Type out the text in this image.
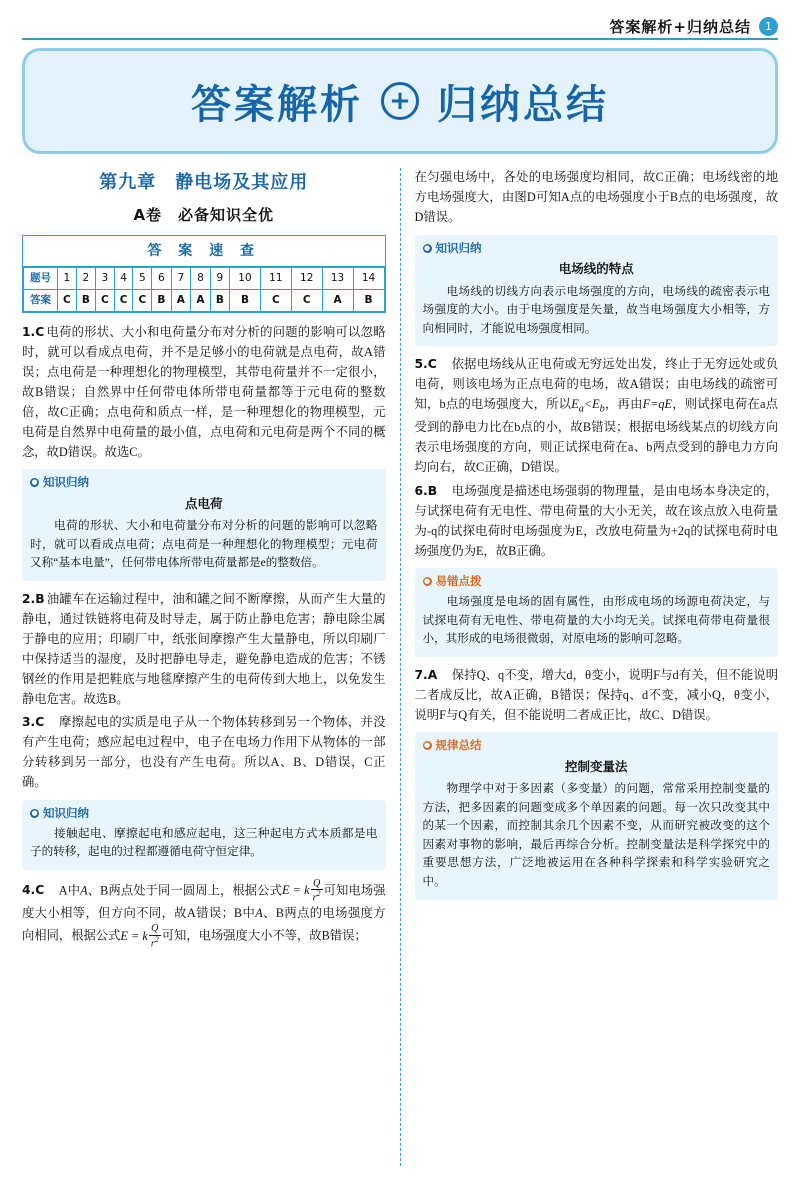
答案解析+归纳总结	1
答案解析	+ 归纳总结
第九章　静电场及其应用
A卷　必备知识全优
答 案 速 查
题号	1	2	3	4	5	6	7	8	9	10	11	12	13	14
答案	C	B	C	C	C	B	A	A	B	B	C	C	A	B

1.C 电荷的形状、大小和电荷量分布对分析的问题的影响可以忽略时，就可以看成点电荷，并不是足够小的电荷就是点电荷，故A错误；点电荷是一种理想化的物理模型，其带电荷量并不一定很小，故B错误；自然界中任何带电体所带电荷量都等于元电荷的整数倍，故C正确；点电荷和质点一样，是一种理想化的物理模型，元电荷是自然界中电荷量的最小值，点电荷和元电荷是两个不同的概念，故D错误。故选C。

● 知识归纳
点电荷
电荷的形状、大小和电荷量分布对分析的问题的影响可以忽略时，就可以看成点电荷；点电荷是一种理想化的物理模型；元电荷又称“基本电量”，任何带电体所带电荷量都是e的整数倍。

2.B 油罐车在运输过程中，油和罐之间不断摩擦，从而产生大量的静电，通过铁链将电荷及时导走，属于防止静电危害；静电除尘属于静电的应用；印刷厂中，纸张间摩擦产生大量静电，所以印刷厂中保持适当的湿度，及时把静电导走，避免静电造成的危害；不锈钢丝的作用是把鞋底与地毯摩擦产生的电荷传到大地上，以免发生静电危害。故选B。

3.C　 摩擦起电的实质是电子从一个物体转移到另一个物体，并没有产生电荷；感应起电过程中，电子在电场力作用下从物体的一部分转移到另一部分，也没有产生电荷。所以A、B、D错误，C正确。

● 知识归纳
接触起电、摩擦起电和感应起电，这三种起电方式本质都是电子的转移，起电的过程都遵循电荷守恒定律。

4.C　 A中A、B两点处于同一圆周上，根据公式E = k $\frac{Q}{r^2}$ 可知电场强度大小相等，但方向不同，故A错误；B中A、B两点的电场强度方向相同，根据公式E = k $\frac{Q}{r^2}$ 可知，电场强度大小不等，故B错误；

在匀强电场中，各处的电场强度均相同，故C正确；电场线密的地方电场强度大，由图D可知A点的电场强度小于B点的电场强度，故D错误。

● 知识归纳
电场线的特点
电场线的切线方向表示电场强度的方向，电场线的疏密表示电场强度的大小。由于电场强度是矢量，故当电场强度大小相等，方向相同时，才能说电场强度相同。

5.C　 依据电场线从正电荷或无穷远处出发，终止于无穷远处或负电荷，则该电场为正点电荷的电场，故A错误；由电场线的疏密可知，b点的电场强度大，所以$E_a<E_b$，再由F=qE，则试探电荷在a点受到的静电力比在b点的小，故B错误；根据电场线某点的切线方向表示电场强度的方向，则正试探电荷在a、b两点受到的静电力方向均向右，故C正确，D错误。

6.B　 电场强度是描述电场强弱的物理量，是由电场本身决定的，与试探电荷有无电性、带电荷量的大小无关，故在该点放入电荷量为-q的试探电荷时电场强度为E，改放电荷量为+2q的试探电荷时电场强度仍为E，故B正确。

● 易错点拨
电场强度是电场的固有属性，由形成电场的场源电荷决定，与试探电荷有无电性、带电荷量的大小均无关。试探电荷带电荷量很小，其形成的电场很微弱，对原电场的影响可忽略。

7.A　 保持Q、q不变，增大d，θ变小，说明F与d有关，但不能说明二者成反比，故A正确，B错误；保持q、d不变，减小Q，θ变小，说明F与Q有关，但不能说明二者成正比，故C、D错误。

● 规律总结
控制变量法
物理学中对于多因素（多变量）的问题，常常采用控制变量的方法，把多因素的问题变成多个单因素的问题。每一次只改变其中的某一个因素，而控制其余几个因素不变，从而研究被改变的这个因素对事物的影响，最后再综合分析。控制变量法是科学探究中的重要思想方法，广泛地被运用在各种科学探索和科学实验研究之中。
